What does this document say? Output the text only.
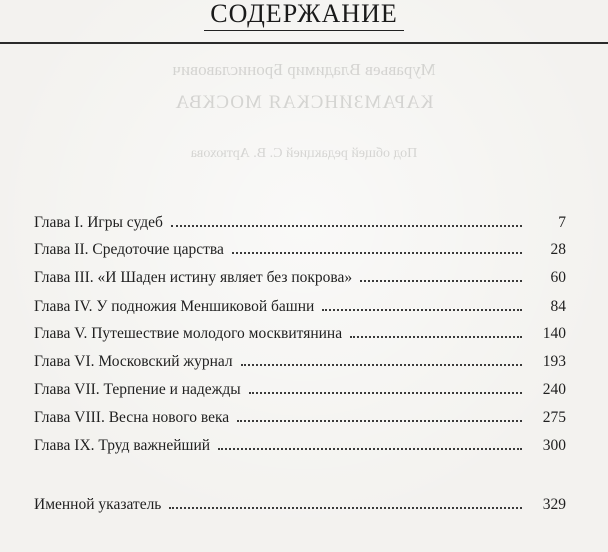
СОДЕРЖАНИЕ
Муравьев Владимир Брониславович
КАРАМЗИНСКАЯ МОСКВА
Под общей редакцией С. В. Артюхова
Глава I. Игры судеб	7
Глава II. Средоточие царства	28
Глава III. «И Шаден истину являет без покрова»	60
Глава IV. У подножия Меншиковой башни	84
Глава V. Путешествие молодого москвитянина	140
Глава VI. Московский журнал	193
Глава VII. Терпение и надежды	240
Глава VIII. Весна нового века	275
Глава IX. Труд важнейший	300
Именной указатель	329
